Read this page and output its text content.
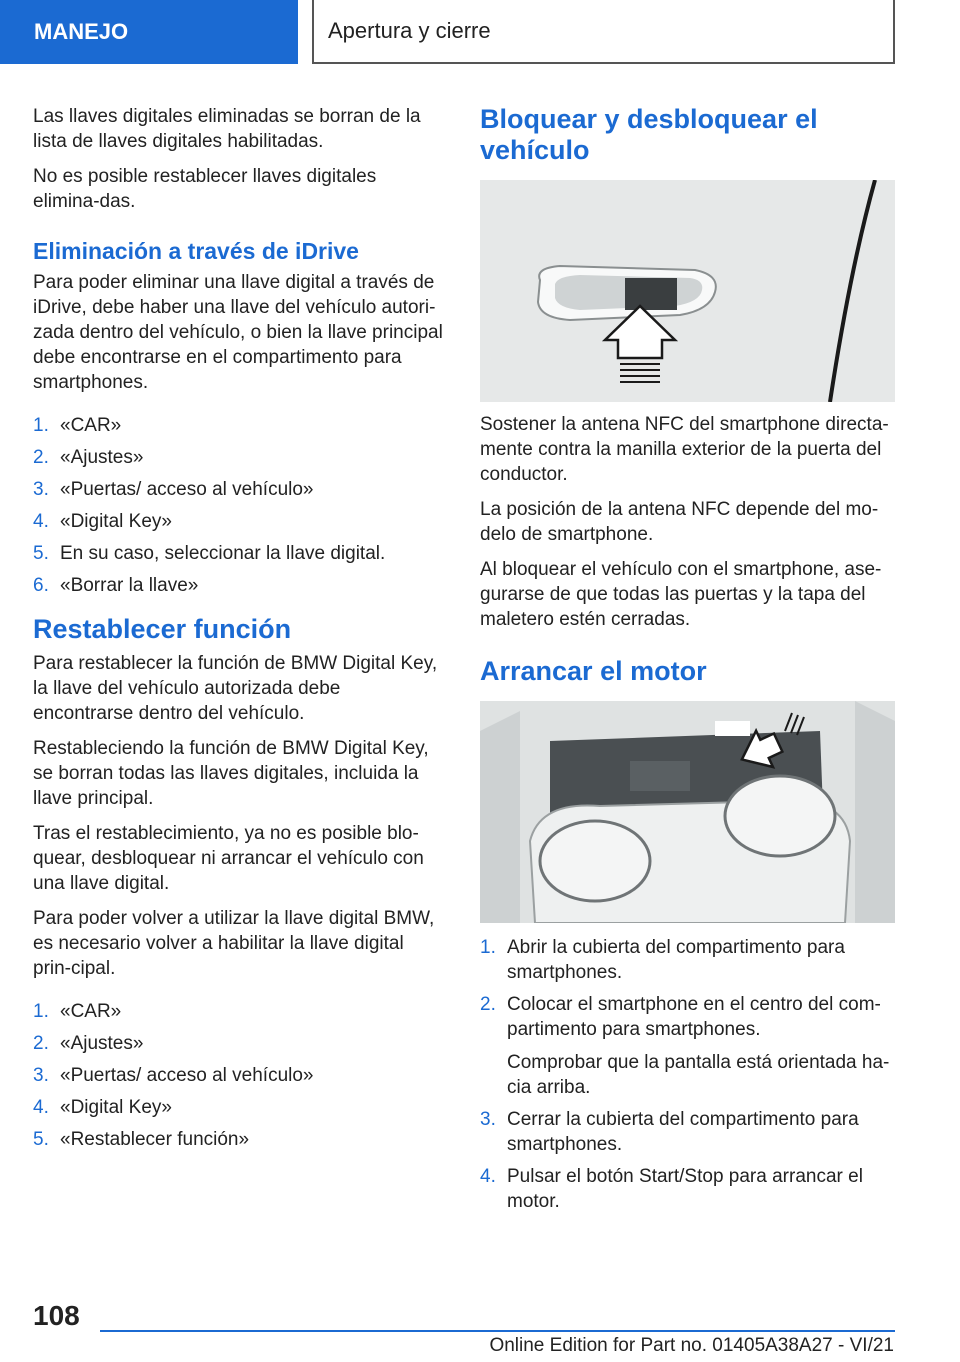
MANEJO	Apertura y cierre

Las llaves digitales eliminadas se borran de la lista de llaves digitales habilitadas.

No es posible restablecer llaves digitales elimina-das.

Eliminación a través de iDrive

Para poder eliminar una llave digital a través de iDrive, debe haber una llave del vehículo autori-zada dentro del vehículo, o bien la llave principal debe encontrarse en el compartimento para smartphones.

1. «CAR»
2. «Ajustes»
3. «Puertas/ acceso al vehículo»
4. «Digital Key»
5. En su caso, seleccionar la llave digital.
6. «Borrar la llave»
Restablecer función

Para restablecer la función de BMW Digital Key, la llave del vehículo autorizada debe encontrarse dentro del vehículo.

Restableciendo la función de BMW Digital Key, se borran todas las llaves digitales, incluida la llave principal.

Tras el restablecimiento, ya no es posible blo-quear, desbloquear ni arrancar el vehículo con una llave digital.

Para poder volver a utilizar la llave digital BMW, es necesario volver a habilitar la llave digital prin-cipal.

1. «CAR»
2. «Ajustes»
3. «Puertas/ acceso al vehículo»
4. «Digital Key»
5. «Restablecer función»
Bloquear y desbloquear el vehículo

Sostener la antena NFC del smartphone directa-mente contra la manilla exterior de la puerta del conductor.

La posición de la antena NFC depende del mo-delo de smartphone.

Al bloquear el vehículo con el smartphone, ase-gurarse de que todas las puertas y la tapa del maletero estén cerradas.

Arrancar el motor
1. Abrir la cubierta del compartimento para smartphones.
2. Colocar el smartphone en el centro del com-partimento para smartphones.
Comprobar que la pantalla está orientada ha-cia arriba.
3. Cerrar la cubierta del compartimento para smartphones.
4. Pulsar el botón Start/Stop para arrancar el motor.
108
Online Edition for Part no. 01405A38A27 - VI/21
